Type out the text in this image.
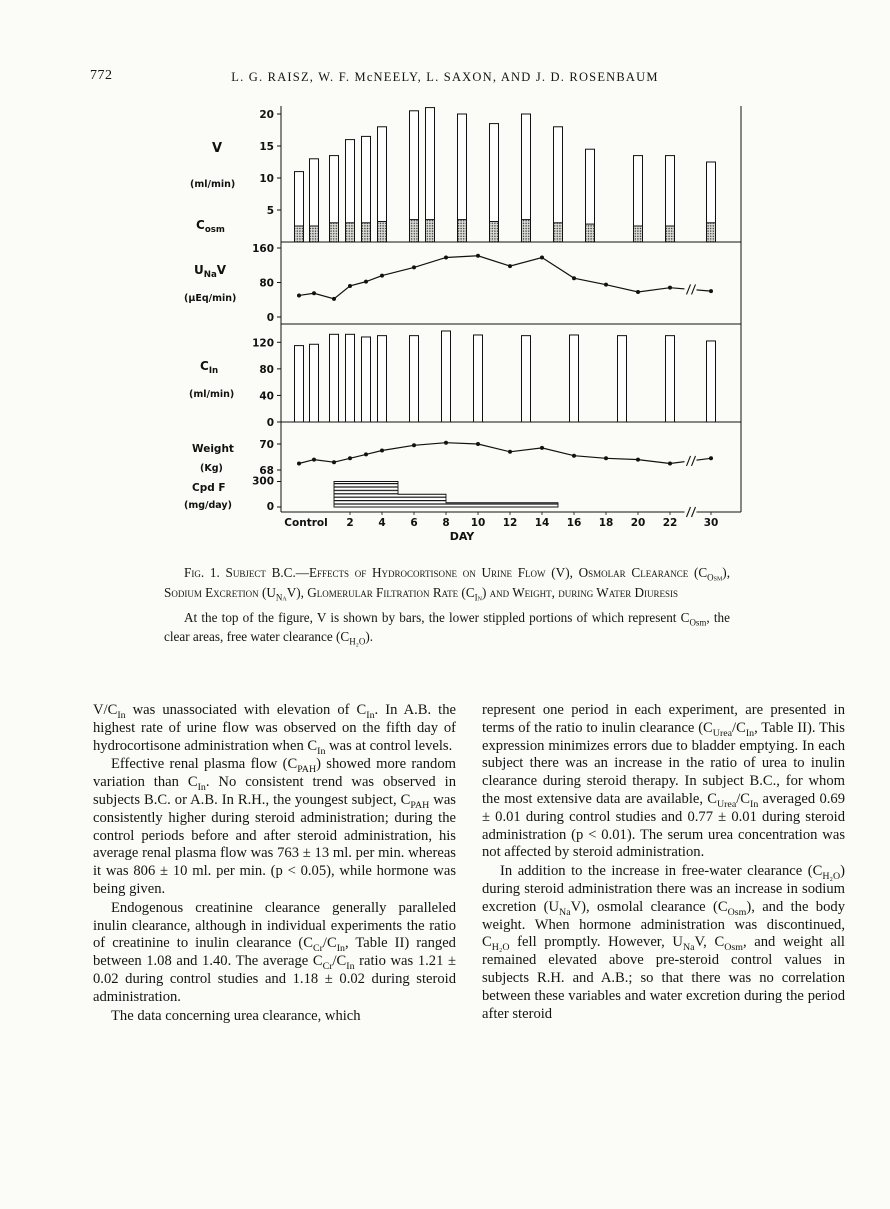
772	L. G. RAISZ, W. F. McNEELY, L. SAXON, AND J. D. ROSENBAUM
5
10
15
20
0
80
160
0
40
80
120
70
68
300
0
V
(ml/min)
$C_{osm}$
$U_{Na}V$
(μEq/min)
$C_{In}$
(ml/min)
Weight
(Kg)
Cpd F
(mg/day)
Control 2 4 6 8 10 12 14 16 18 20 22	30
DAY

Fig. 1. Subject B.C.—Effects of Hydrocortisone on Urine Flow (V), Osmolar Clearance $(C_{Osm})$, Sodium Excretion $(U_{Na}V)$, Glomerular Filtration Rate $(C_{In})$ and Weight, during Water Diuresis

At the top of the figure, V is shown by bars, the lower stippled portions of which represent $C_{Osm}$, the clear areas, free water clearance $(C_{H_2O})$.

$V/C_{In}$ was unassociated with elevation of $C_{In}$. In A.B. the highest rate of urine flow was observed on the fifth day of hydrocortisone administration when $C_{In}$ was at control levels.

Effective renal plasma flow $(C_{PAH})$ showed more random variation than $C_{In}$. No consistent trend was observed in subjects B.C. or A.B. In R.H., the youngest subject, $C_{PAH}$ was consistently higher during steroid administration; during the control periods before and after steroid administration, his average renal plasma flow was 763 ± 13 ml. per min. whereas it was 806 ± 10 ml. per min. (p < 0.05), while hormone was being given.

Endogenous creatinine clearance generally paralleled inulin clearance, although in individual experiments the ratio of creatinine to inulin clearance ($C_{Cr}/C_{In}$, Table II) ranged between 1.08 and 1.40. The average $C_{Cr}/C_{In}$ ratio was 1.21 ± 0.02 during control studies and 1.18 ± 0.02 during steroid administration.

The data concerning urea clearance, which

represent one period in each experiment, are presented in terms of the ratio to inulin clearance ($C_{Urea}/C_{In}$, Table II). This expression minimizes errors due to bladder emptying. In each subject there was an increase in the ratio of urea to inulin clearance during steroid therapy. In subject B.C., for whom the most extensive data are available, $C_{Urea}/C_{In}$ averaged 0.69 ± 0.01 during control studies and 0.77 ± 0.01 during steroid administration (p < 0.01). The serum urea concentration was not affected by steroid administration.

In addition to the increase in free-water clearance $(C_{H_2O})$ during steroid administration there was an increase in sodium excretion $(U_{Na}V)$, osmolal clearance $(C_{Osm})$, and the body weight. When hormone administration was discontinued, $C_{H_2O}$ fell promptly. However, $U_{Na}V$, $C_{Osm}$, and weight all remained elevated above pre-steroid control values in subjects R.H. and A.B.; so that there was no correlation between these variables and water excretion during the period after steroid
